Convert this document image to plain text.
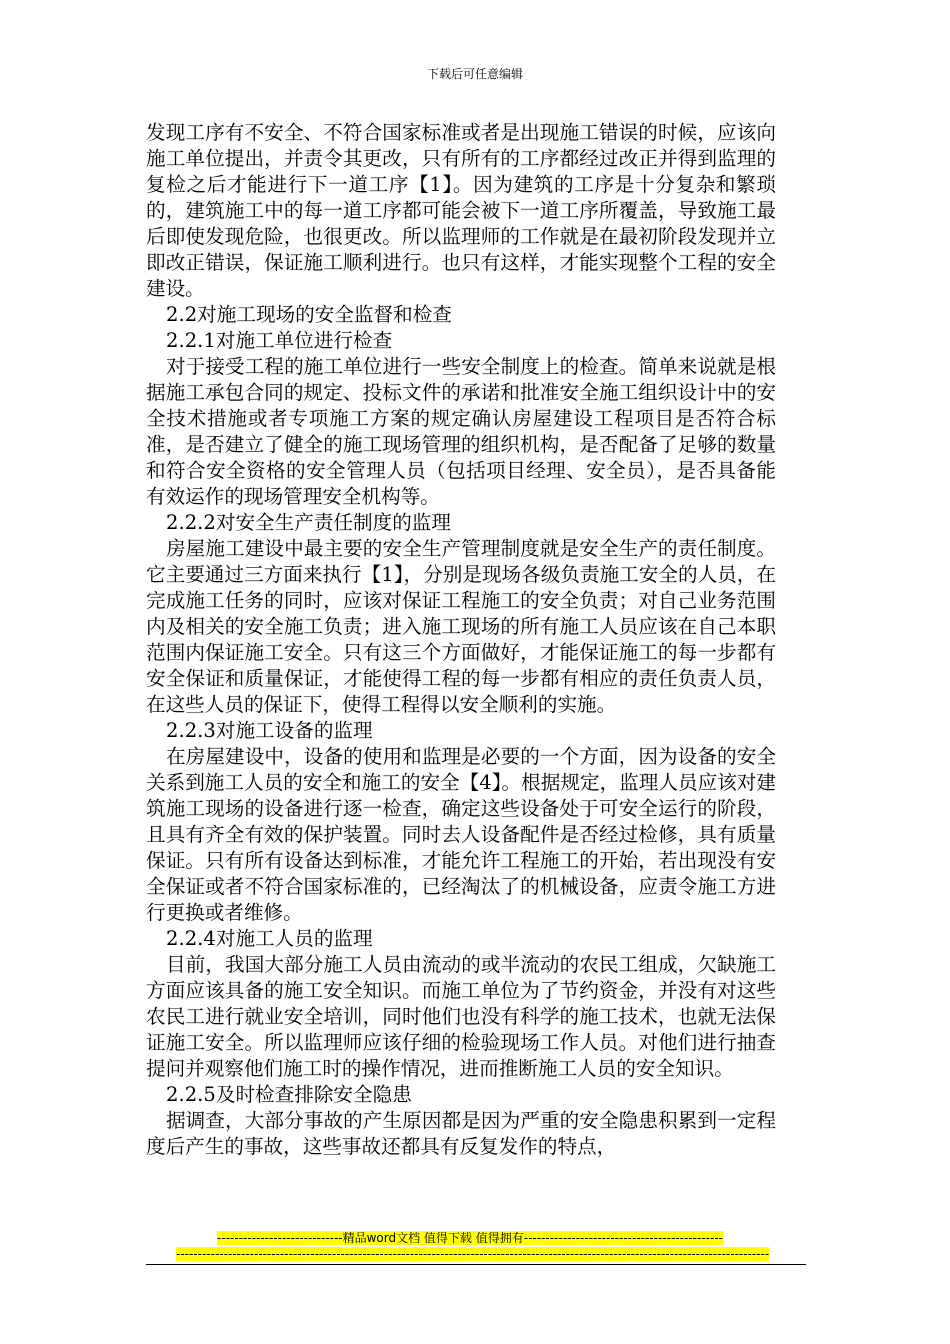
下载后可任意编辑

发现工序有不安全、不符合国家标准或者是出现施工错误的时候，应该向施工单位提出，并责令其更改，只有所有的工序都经过改正并得到监理的复检之后才能进行下一道工序【1】。因为建筑的工序是十分复杂和繁琐的，建筑施工中的每一道工序都可能会被下一道工序所覆盖，导致施工最后即使发现危险，也很更改。所以监理师的工作就是在最初阶段发现并立即改正错误，保证施工顺利进行。也只有这样，才能实现整个工程的安全建设。

2.2对施工现场的安全监督和检查

2.2.1对施工单位进行检查

对于接受工程的施工单位进行一些安全制度上的检查。简单来说就是根据施工承包合同的规定、投标文件的承诺和批准安全施工组织设计中的安全技术措施或者专项施工方案的规定确认房屋建设工程项目是否符合标准，是否建立了健全的施工现场管理的组织机构，是否配备了足够的数量和符合安全资格的安全管理人员（包括项目经理、安全员），是否具备能有效运作的现场管理安全机构等。

2.2.2对安全生产责任制度的监理

房屋施工建设中最主要的安全生产管理制度就是安全生产的责任制度。它主要通过三方面来执行【1】，分别是现场各级负责施工安全的人员，在完成施工任务的同时，应该对保证工程施工的安全负责；对自己业务范围内及相关的安全施工负责；进入施工现场的所有施工人员应该在自己本职范围内保证施工安全。只有这三个方面做好，才能保证施工的每一步都有安全保证和质量保证，才能使得工程的每一步都有相应的责任负责人员，在这些人员的保证下，使得工程得以安全顺利的实施。

2.2.3对施工设备的监理

在房屋建设中，设备的使用和监理是必要的一个方面，因为设备的安全关系到施工人员的安全和施工的安全【4】。根据规定，监理人员应该对建筑施工现场的设备进行逐一检查，确定这些设备处于可安全运行的阶段，且具有齐全有效的保护装置。同时去人设备配件是否经过检修，具有质量保证。只有所有设备达到标准，才能允许工程施工的开始，若出现没有安全保证或者不符合国家标准的，已经淘汰了的机械设备，应责令施工方进行更换或者维修。

2.2.4对施工人员的监理

目前，我国大部分施工人员由流动的或半流动的农民工组成，欠缺施工方面应该具备的施工安全知识。而施工单位为了节约资金，并没有对这些农民工进行就业安全培训，同时他们也没有科学的施工技术，也就无法保证施工安全。所以监理师应该仔细的检验现场工作人员。对他们进行抽查提问并观察他们施工时的操作情况，进而推断施工人员的安全知识。

2.2.5及时检查排除安全隐患

据调查，大部分事故的产生原因都是因为严重的安全隐患积累到一定程度后产生的事故，这些事故还都具有反复发作的特点，

-----------------------------精品word文档 值得下载 值得拥有----------------------------------------------
-----------------------------------------------------------------------------------------------------------------------------------------
